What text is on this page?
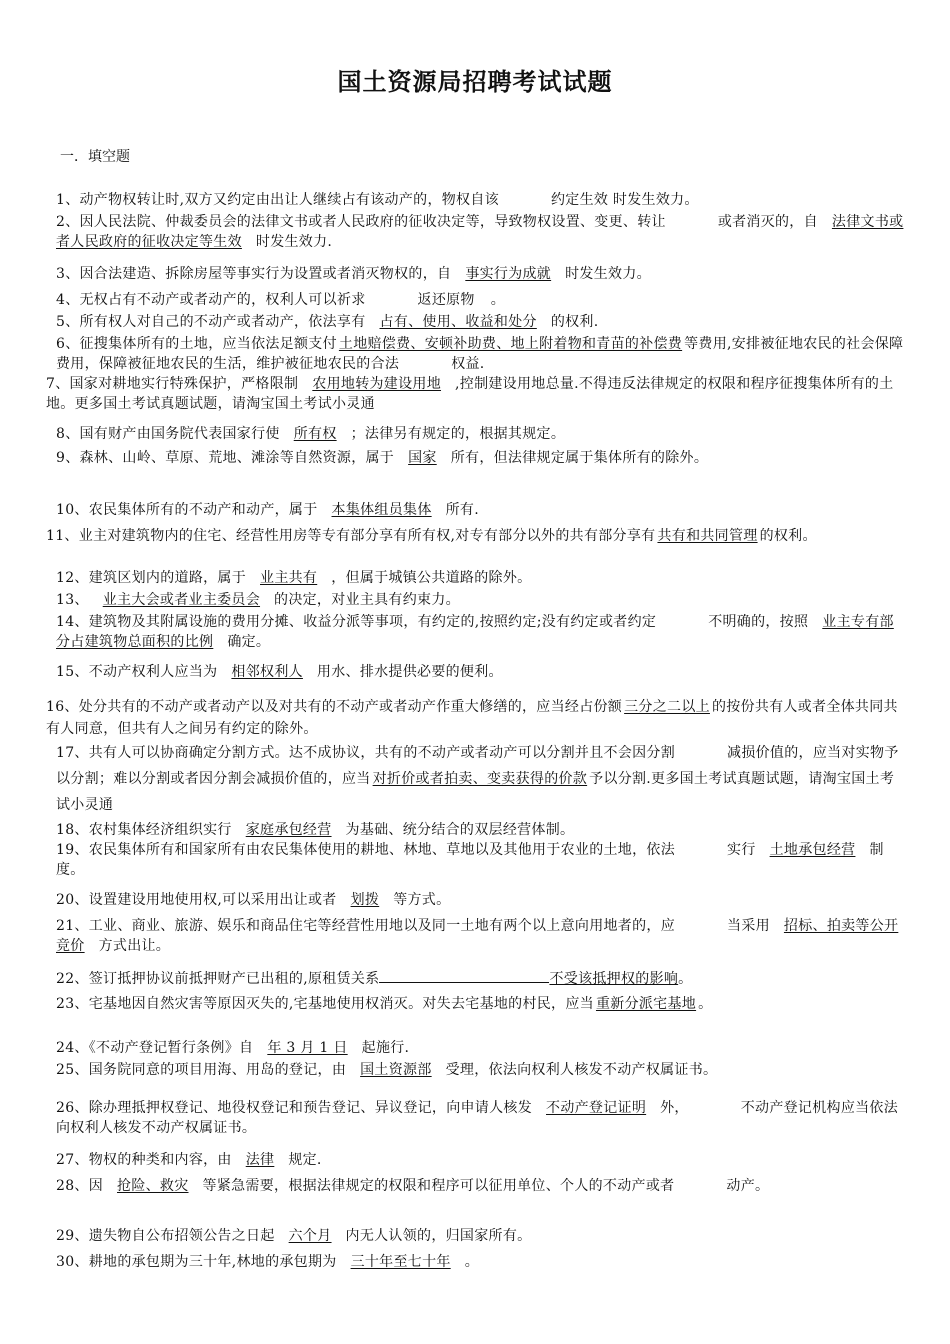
国土资源局招聘考试试题
一．填空题
1、动产物权转让时,双方又约定由出让人继续占有该动产的，物权自该	约定生效 时发生效力。
2、因人民法院、仲裁委员会的法律文书或者人民政府的征收决定等，导致物权设置、变更、转让	或者消灭的，自 法律文书或者人民政府的征收决定等生效 时发生效力.
3、因合法建造、拆除房屋等事实行为设置或者消灭物权的，自 事实行为成就 时发生效力。
4、无权占有不动产或者动产的，权利人可以祈求	返还原物 。
5、所有权人对自己的不动产或者动产，依法享有 占有、使用、收益和处分 的权利.
6、征搜集体所有的土地，应当依法足额支付 土地赔偿费、安顿补助费、地上附着物和青苗的补偿费 等费用,安排被征地农民的社会保障费用，保障被征地农民的生活，维护被征地农民的合法	权益.
7、国家对耕地实行特殊保护，严格限制 农用地转为建设用地 ,控制建设用地总量.不得违反法律规定的权限和程序征搜集体所有的土地。更多国土考试真题试题，请淘宝国土考试小灵通
8、国有财产由国务院代表国家行使 所有权 ；法律另有规定的，根据其规定。
9、森林、山岭、草原、荒地、滩涂等自然资源，属于 国家 所有，但法律规定属于集体所有的除外。
10、农民集体所有的不动产和动产，属于 本集体组员集体 所有.
11、业主对建筑物内的住宅、经营性用房等专有部分享有所有权,对专有部分以外的共有部分享有 共有和共同管理 的权利。
12、建筑区划内的道路，属于 业主共有 ，但属于城镇公共道路的除外。
13、 业主大会或者业主委员会 的决定，对业主具有约束力。
14、建筑物及其附属设施的费用分摊、收益分派等事项，有约定的,按照约定;没有约定或者约定	不明确的，按照 业主专有部分占建筑物总面积的比例 确定。
15、不动产权利人应当为 相邻权利人 用水、排水提供必要的便利。
16、处分共有的不动产或者动产以及对共有的不动产或者动产作重大修缮的，应当经占份额 三分之二以上 的按份共有人或者全体共同共有人同意，但共有人之间另有约定的除外。
17、共有人可以协商确定分割方式。达不成协议，共有的不动产或者动产可以分割并且不会因分割	减损价值的，应当对实物予以分割；难以分割或者因分割会减损价值的，应当 对折价或者拍卖、变卖获得的价款 予以分割.更多国土考试真题试题，请淘宝国土考试小灵通
18、农村集体经济组织实行 家庭承包经营 为基础、统分结合的双层经营体制。
19、农民集体所有和国家所有由农民集体使用的耕地、林地、草地以及其他用于农业的土地，依法	实行 土地承包经营 制度。
20、设置建设用地使用权,可以采用出让或者 划拨 等方式。
21、工业、商业、旅游、娱乐和商品住宅等经营性用地以及同一土地有两个以上意向用地者的，应	当采用 招标、拍卖等公开竞价 方式出让。
22、签订抵押协议前抵押财产已出租的,原租赁关系	不受该抵押权的影响。
23、宅基地因自然灾害等原因灭失的,宅基地使用权消灭。对失去宅基地的村民，应当 重新分派宅基地 。
24、《不动产登记暂行条例》自 年 3 月 1 日 起施行.
25、国务院同意的项目用海、用岛的登记，由 国土资源部 受理，依法向权利人核发不动产权属证书。
26、除办理抵押权登记、地役权登记和预告登记、异议登记，向申请人核发 不动产登记证明 外，	不动产登记机构应当依法向权利人核发不动产权属证书。
27、物权的种类和内容，由 法律 规定.
28、因 抢险、救灾 等紧急需要，根据法律规定的权限和程序可以征用单位、个人的不动产或者	动产。
29、遗失物自公布招领公告之日起 六个月 内无人认领的，归国家所有。
30、耕地的承包期为三十年,林地的承包期为 三十年至七十年 。
